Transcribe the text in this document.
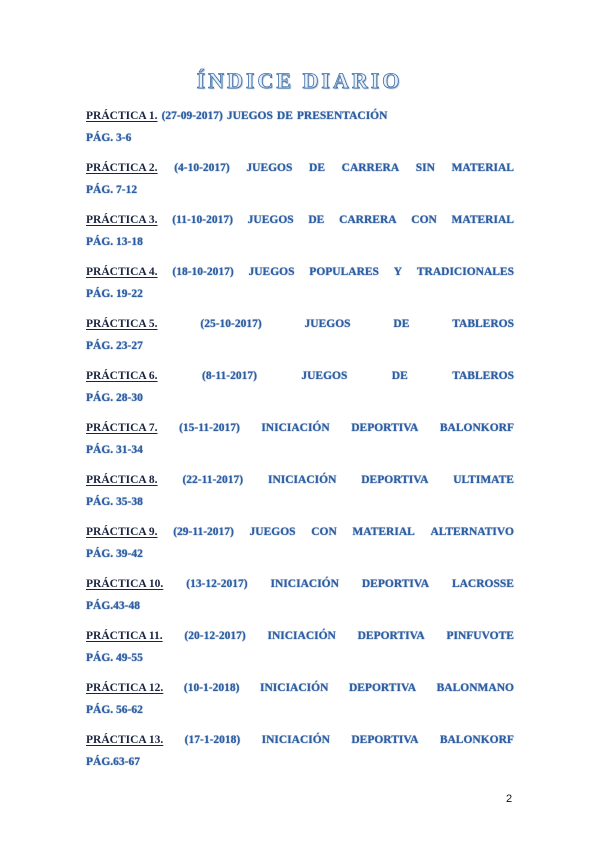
ÍNDICE DIARIO
PRÁCTICA 1. (27-09-2017) JUEGOS DE PRESENTACIÓN
PÁG. 3-6
PRÁCTICA 2. (4-10-2017) JUEGOS DE CARRERA SIN MATERIAL
PÁG. 7-12
PRÁCTICA 3. (11-10-2017) JUEGOS DE CARRERA CON MATERIAL
PÁG. 13-18
PRÁCTICA 4. (18-10-2017) JUEGOS POPULARES Y TRADICIONALES
PÁG. 19-22
PRÁCTICA 5.	(25-10-2017)	JUEGOS	DE	TABLEROS
PÁG. 23-27
PRÁCTICA 6.	(8-11-2017)	JUEGOS	DE	TABLEROS
PÁG. 28-30
PRÁCTICA 7. (15-11-2017) INICIACIÓN DEPORTIVA BALONKORF
PÁG. 31-34
PRÁCTICA 8. (22-11-2017) INICIACIÓN DEPORTIVA ULTIMATE
PÁG. 35-38
PRÁCTICA 9. (29-11-2017) JUEGOS CON MATERIAL ALTERNATIVO
PÁG. 39-42
PRÁCTICA 10. (13-12-2017) INICIACIÓN DEPORTIVA LACROSSE
PÁG.43-48
PRÁCTICA 11. (20-12-2017) INICIACIÓN DEPORTIVA PINFUVOTE
PÁG. 49-55
PRÁCTICA 12. (10-1-2018) INICIACIÓN DEPORTIVA BALONMANO
PÁG. 56-62
PRÁCTICA 13. (17-1-2018) INICIACIÓN DEPORTIVA BALONKORF
PÁG.63-67
2
